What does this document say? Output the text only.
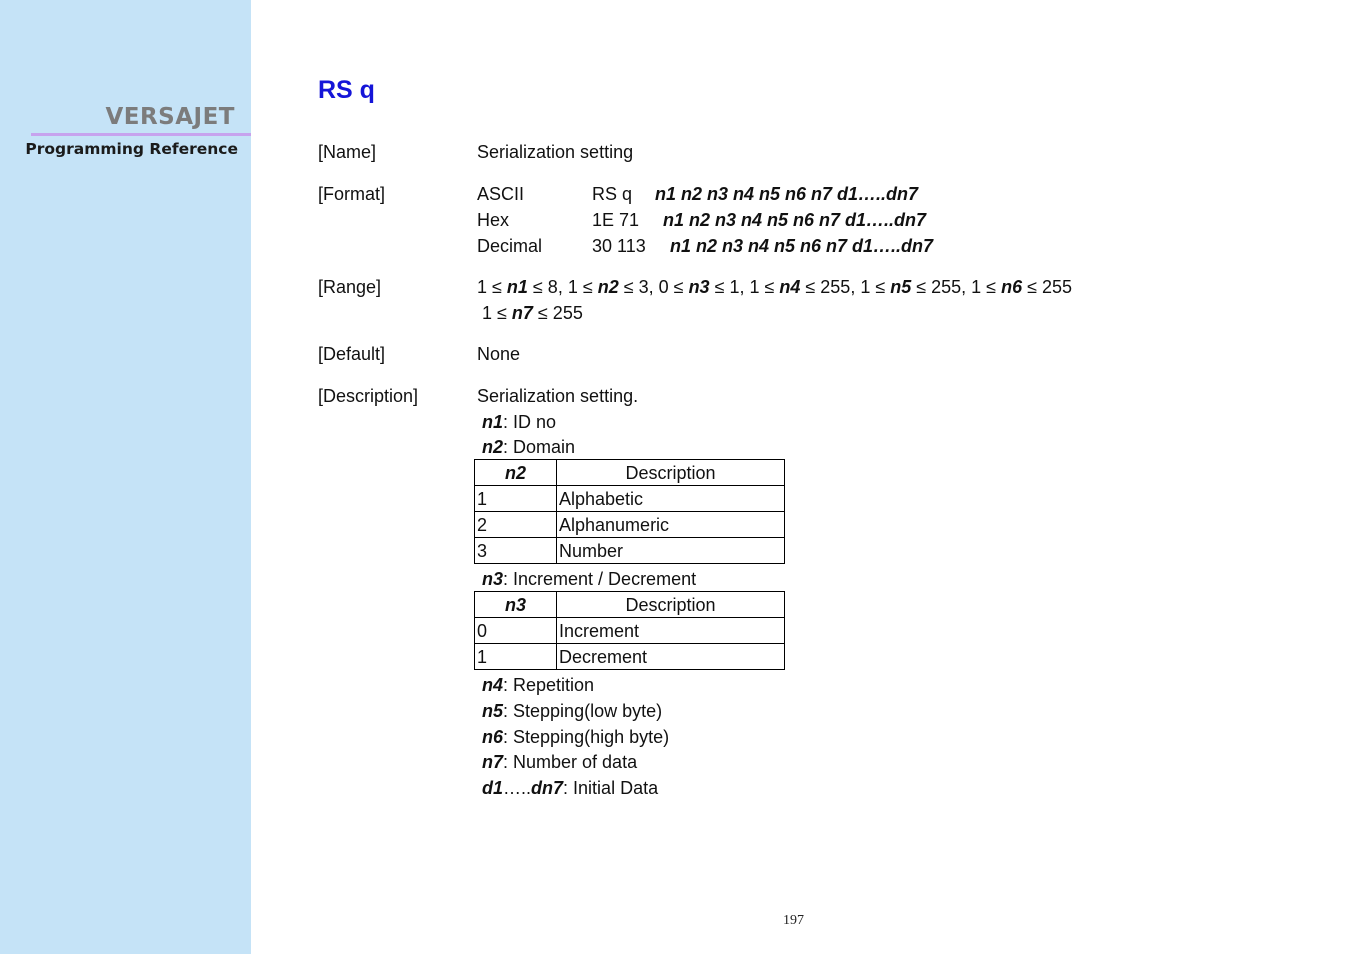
VERSAJET
Programming Reference
RS q
[Name]	Serialization setting
[Format]	ASCII	RS q n1 n2 n3 n4 n5 n6 n7 d1…..dn7
Hex	1E 71 n1 n2 n3 n4 n5 n6 n7 d1…..dn7
Decimal	30 113 n1 n2 n3 n4 n5 n6 n7 d1…..dn7
[Range]	1 ≤ n1 ≤ 8, 1 ≤ n2 ≤ 3, 0 ≤ n3 ≤ 1, 1 ≤ n4 ≤ 255, 1 ≤ n5 ≤ 255, 1 ≤ n6 ≤ 255
1 ≤ n7 ≤ 255
[Default]	None
[Description]	Serialization setting.
n1: ID no
n2: Domain
n2	Description
1	Alphabetic
2	Alphanumeric
3	Number
n3: Increment / Decrement
n3	Description
0	Increment
1	Decrement
n4: Repetition
n5: Stepping(low byte)
n6: Stepping(high byte)
n7: Number of data
d1…..dn7: Initial Data
197
